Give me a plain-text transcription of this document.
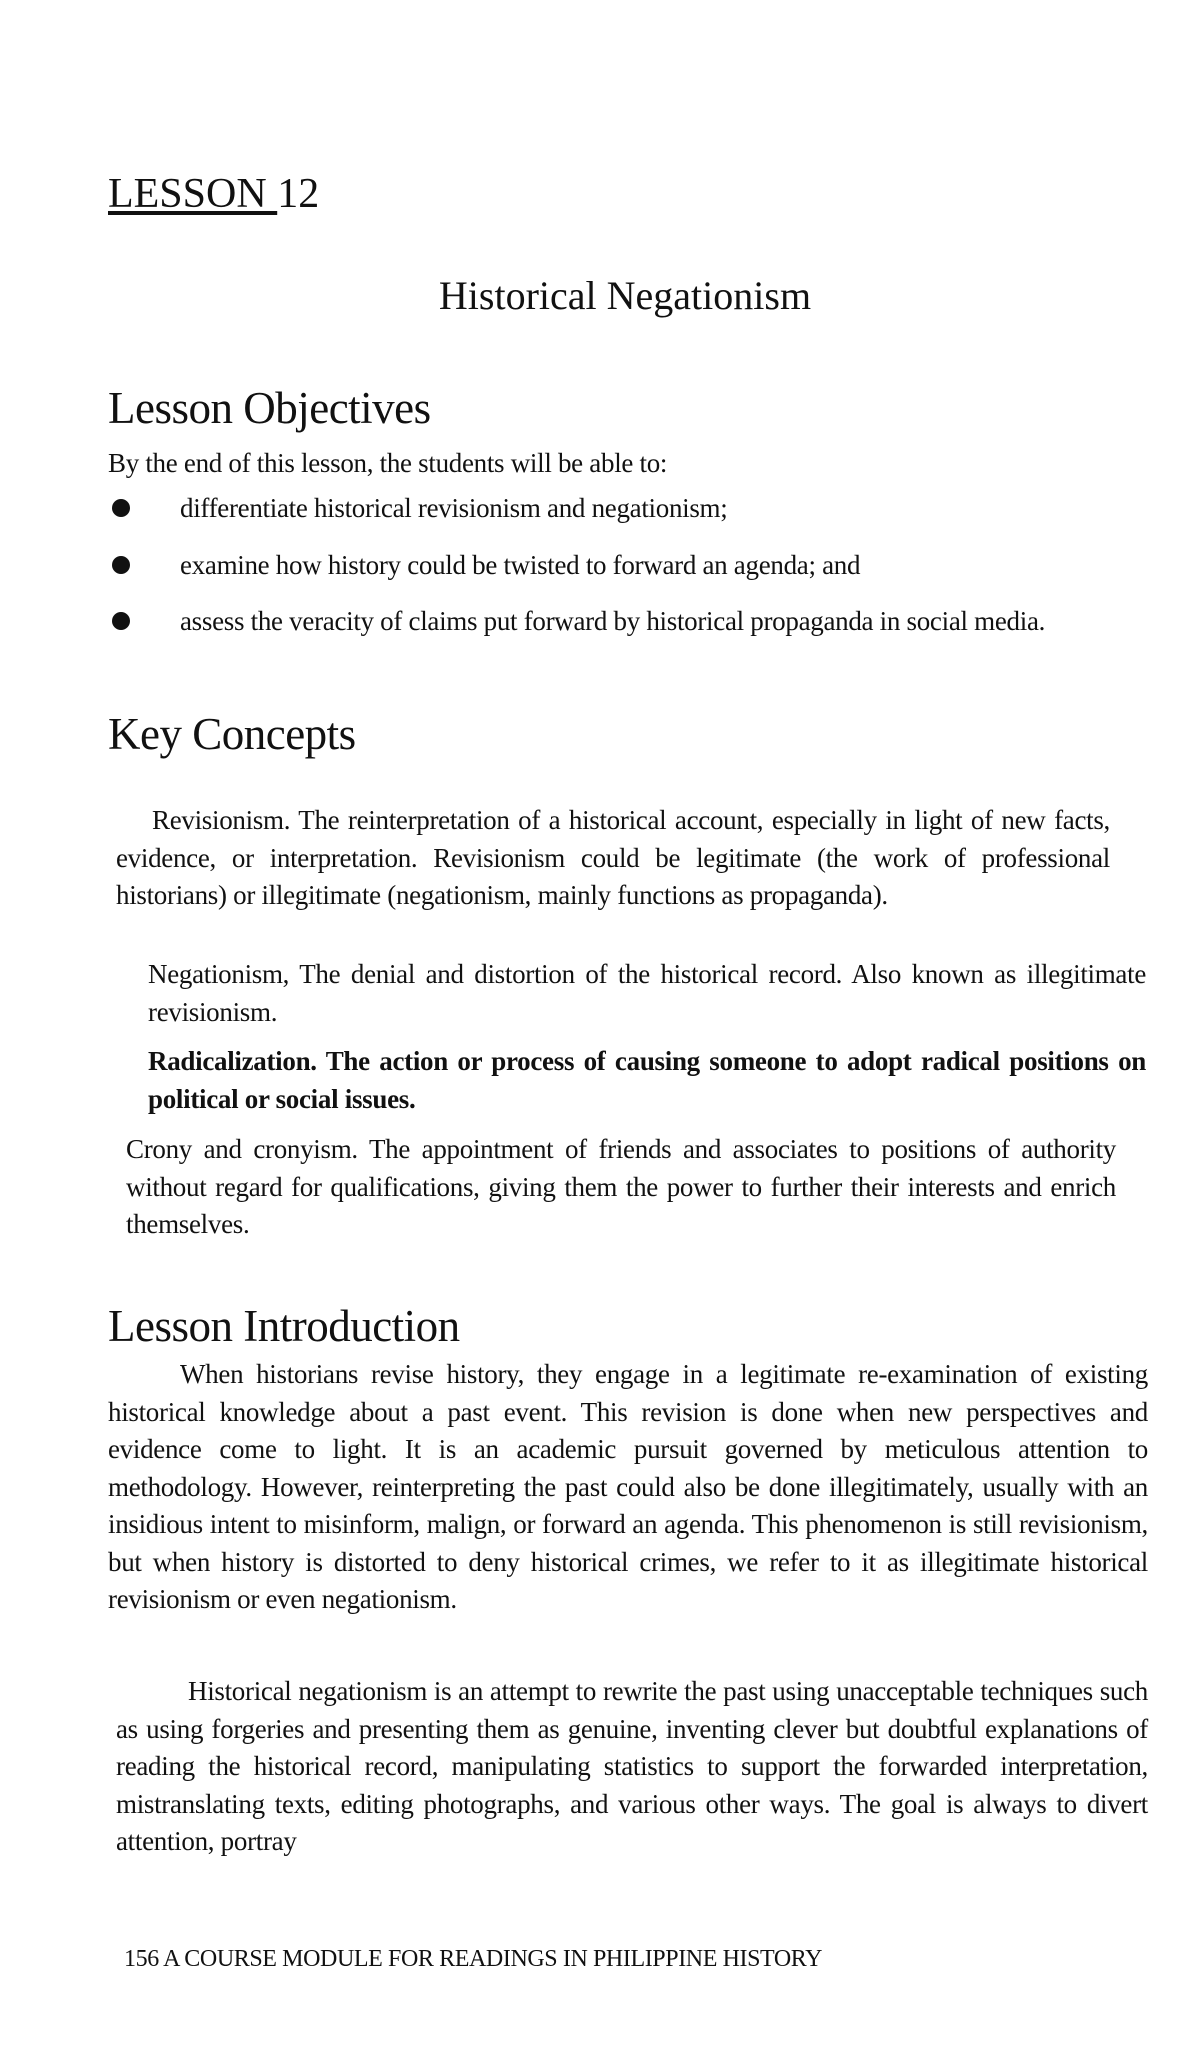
LESSON 12
Historical Negationism
Lesson Objectives

By the end of this lesson, the students will be able to:

differentiate historical revisionism and negationism;
examine how history could be twisted to forward an agenda; and
assess the veracity of claims put forward by historical propaganda in social media.
Key Concepts

Revisionism. The reinterpretation of a historical account, especially in light of new facts, evidence, or interpretation. Revisionism could be legitimate (the work of professional historians) or illegitimate (negationism, mainly functions as propaganda).

Negationism, The denial and distortion of the historical record. Also known as illegitimate revisionism.

Radicalization. The action or process of causing someone to adopt radical positions on political or social issues.

Crony and cronyism. The appointment of friends and associates to positions of authority without regard for qualifications, giving them the power to further their interests and enrich themselves.

Lesson Introduction

When historians revise history, they engage in a legitimate re-examination of existing historical knowledge about a past event. This revision is done when new perspectives and evidence come to light. It is an academic pursuit governed by meticulous attention to methodology. However, reinterpreting the past could also be done illegitimately, usually with an insidious intent to misinform, malign, or forward an agenda. This phenomenon is still revisionism, but when history is distorted to deny historical crimes, we refer to it as illegitimate historical revisionism or even negationism.

Historical negationism is an attempt to rewrite the past using unacceptable techniques such as using forgeries and presenting them as genuine, inventing clever but doubtful explanations of reading the historical record, manipulating statistics to support the forwarded interpretation, mistranslating texts, editing photographs, and various other ways. The goal is always to divert attention, portray

156 A COURSE MODULE FOR READINGS IN PHILIPPINE HISTORY
